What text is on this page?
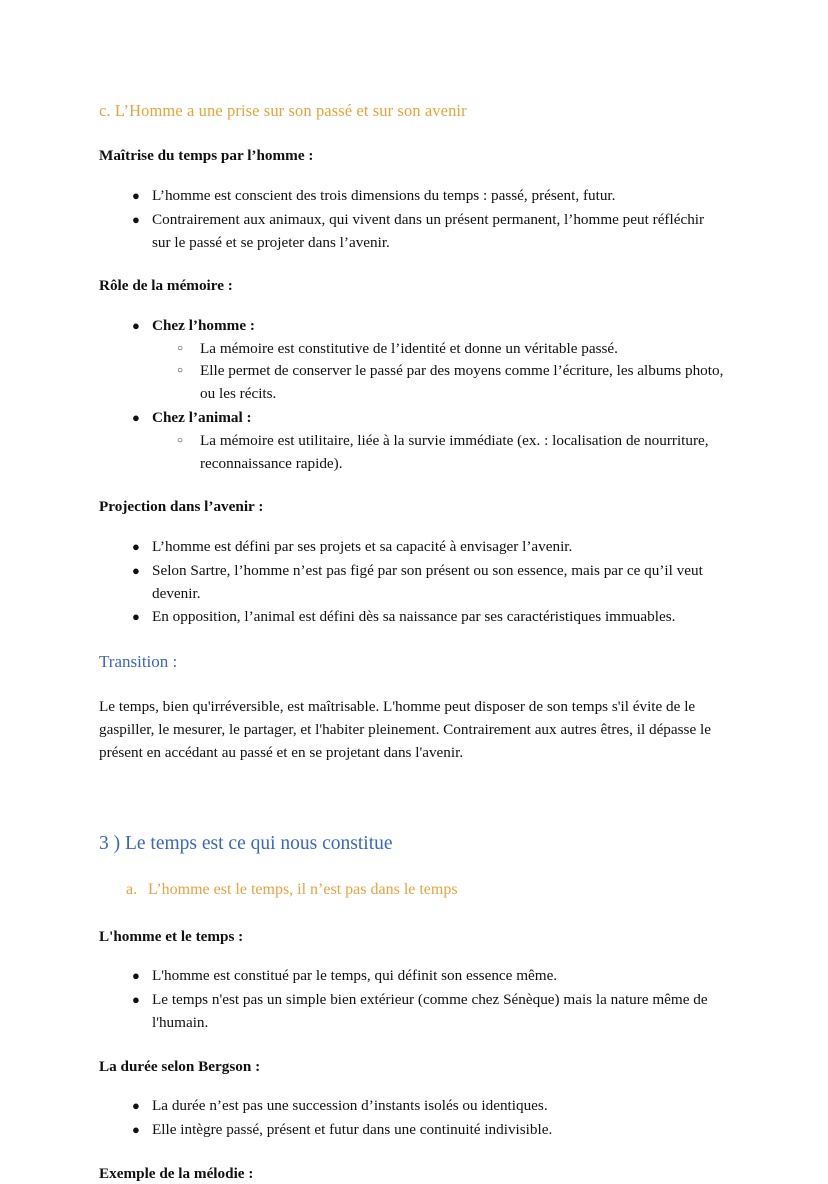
c. L’Homme a une prise sur son passé et sur son avenir
Maîtrise du temps par l’homme :
● L’homme est conscient des trois dimensions du temps : passé, présent, futur.
● Contrairement aux animaux, qui vivent dans un présent permanent, l’homme peut réfléchir sur le passé et se projeter dans l’avenir.
Rôle de la mémoire :
● Chez l’homme :
○ La mémoire est constitutive de l’identité et donne un véritable passé.
○ Elle permet de conserver le passé par des moyens comme l’écriture, les albums photo, ou les récits.
● Chez l’animal :
○ La mémoire est utilitaire, liée à la survie immédiate (ex. : localisation de nourriture, reconnaissance rapide).
Projection dans l’avenir :
● L’homme est défini par ses projets et sa capacité à envisager l’avenir.
● Selon Sartre, l’homme n’est pas figé par son présent ou son essence, mais par ce qu’il veut devenir.
● En opposition, l’animal est défini dès sa naissance par ses caractéristiques immuables.
Transition :

Le temps, bien qu'irréversible, est maîtrisable. L'homme peut disposer de son temps s'il évite de le gaspiller, le mesurer, le partager, et l'habiter pleinement. Contrairement aux autres êtres, il dépasse le présent en accédant au passé et en se projetant dans l'avenir.

3 ) Le temps est ce qui nous constitue
a. L’homme est le temps, il n’est pas dans le temps
L'homme et le temps :
● L'homme est constitué par le temps, qui définit son essence même.
● Le temps n'est pas un simple bien extérieur (comme chez Sénèque) mais la nature même de l'humain.
La durée selon Bergson :
● La durée n’est pas une succession d’instants isolés ou identiques.
● Elle intègre passé, présent et futur dans une continuité indivisible.
Exemple de la mélodie :
